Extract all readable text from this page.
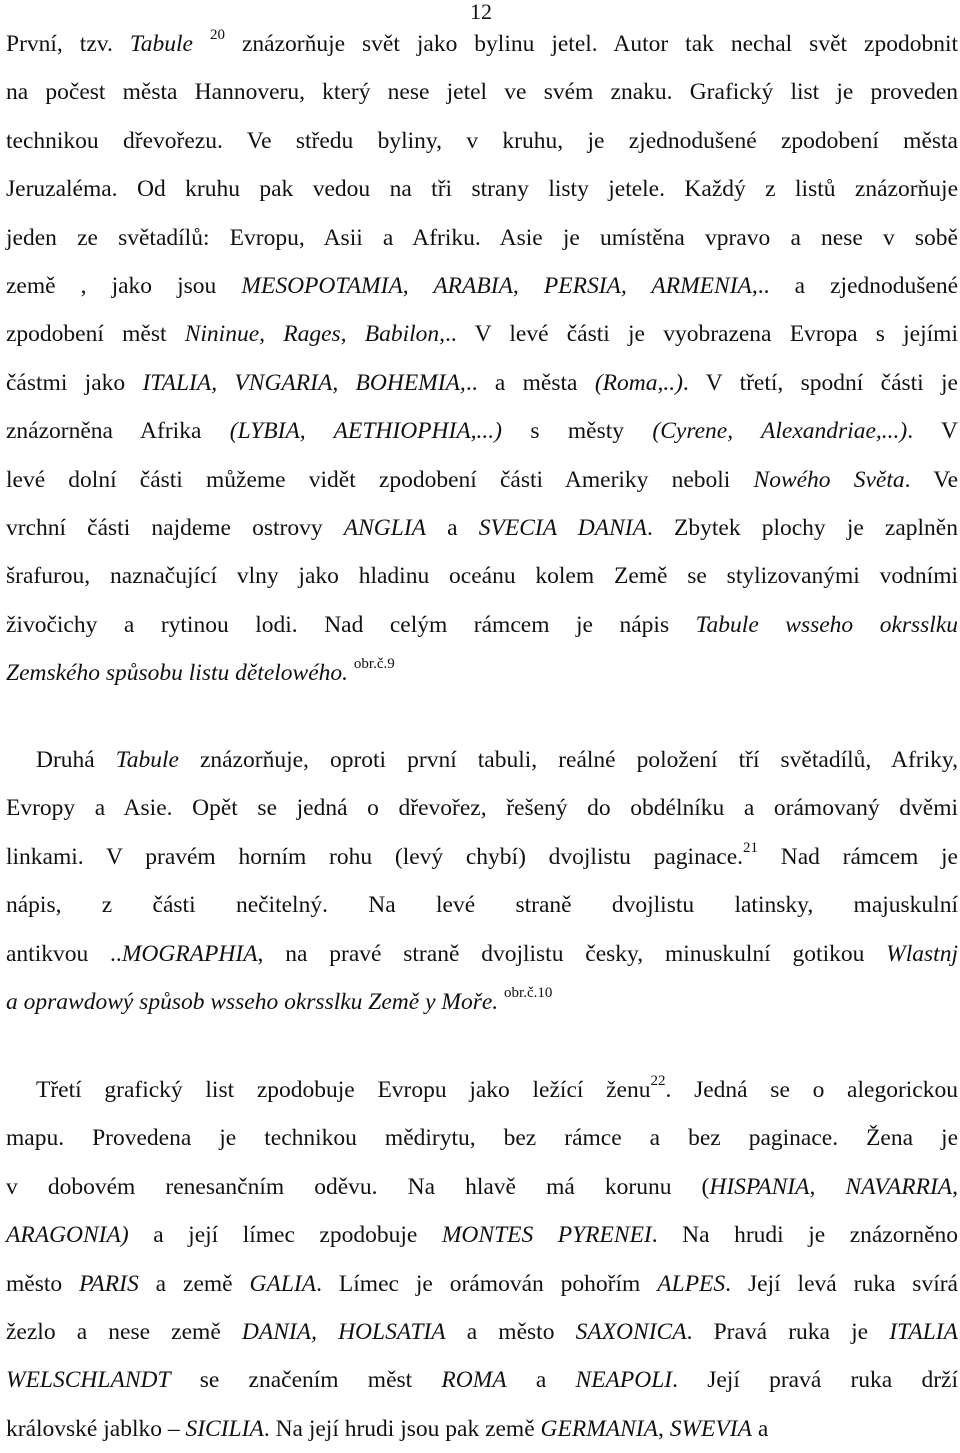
12
První, tzv. Tabule $^{20}$ znázorňuje svět jako bylinu jetel. Autor tak nechal svět zpodobnit
na počest města Hannoveru, který nese jetel ve svém znaku. Grafický list je proveden
technikou dřevořezu. Ve středu byliny, v kruhu, je zjednodušené zpodobení města
Jeruzaléma. Od kruhu pak vedou na tři strany listy jetele. Každý z listů znázorňuje
jeden ze světadílů: Evropu, Asii a Afriku. Asie je umístěna vpravo a nese v sobě
země , jako jsou MESOPOTAMIA, ARABIA, PERSIA, ARMENIA,.. a zjednodušené
zpodobení měst Nininue, Rages, Babilon,.. V levé části je vyobrazena Evropa s jejími
částmi jako ITALIA, VNGARIA, BOHEMIA,.. a města (Roma,..). V třetí, spodní části je
znázorněna Afrika (LYBIA, AETHIOPHIA,...) s městy (Cyrene, Alexandriae,...). V
levé dolní části můžeme vidět zpodobení části Ameriky neboli Nowého Světa. Ve
vrchní části najdeme ostrovy ANGLIA a SVECIA DANIA. Zbytek plochy je zaplněn
šrafurou, naznačující vlny jako hladinu oceánu kolem Země se stylizovanými vodními
živočichy a rytinou lodi. Nad celým rámcem je nápis Tabule wsseho okrsslku
Zemského spůsobu listu dětelowého. $^{obr.č.9}$
Druhá Tabule znázorňuje, oproti první tabuli, reálné položení tří světadílů, Afriky,
Evropy a Asie. Opět se jedná o dřevořez, řešený do obdélníku a orámovaný dvěmi
linkami. V pravém horním rohu (levý chybí) dvojlistu paginace.$^{21}$ Nad rámcem je
nápis, z části nečitelný. Na levé straně dvojlistu latinsky, majuskulní
antikvou ..MOGRAPHIA, na pravé straně dvojlistu česky, minuskulní gotikou Wlastnj
a oprawdowý spůsob wsseho okrsslku Země y Moře. $^{obr.č.10}$
Třetí grafický list zpodobuje Evropu jako ležící ženu$^{22}$. Jedná se o alegorickou
mapu. Provedena je technikou mědirytu, bez rámce a bez paginace. Žena je
v dobovém renesančním oděvu. Na hlavě má korunu (HISPANIA, NAVARRIA,
ARAGONIA) a její límec zpodobuje MONTES PYRENEI. Na hrudi je znázorněno
město PARIS a země GALIA. Límec je orámován pohořím ALPES. Její levá ruka svírá
žezlo a nese země DANIA, HOLSATIA a město SAXONICA. Pravá ruka je ITALIA
WELSCHLANDT se značením měst ROMA a NEAPOLI. Její pravá ruka drží
královské jablko – SICILIA. Na její hrudi jsou pak země GERMANIA, SWEVIA a
